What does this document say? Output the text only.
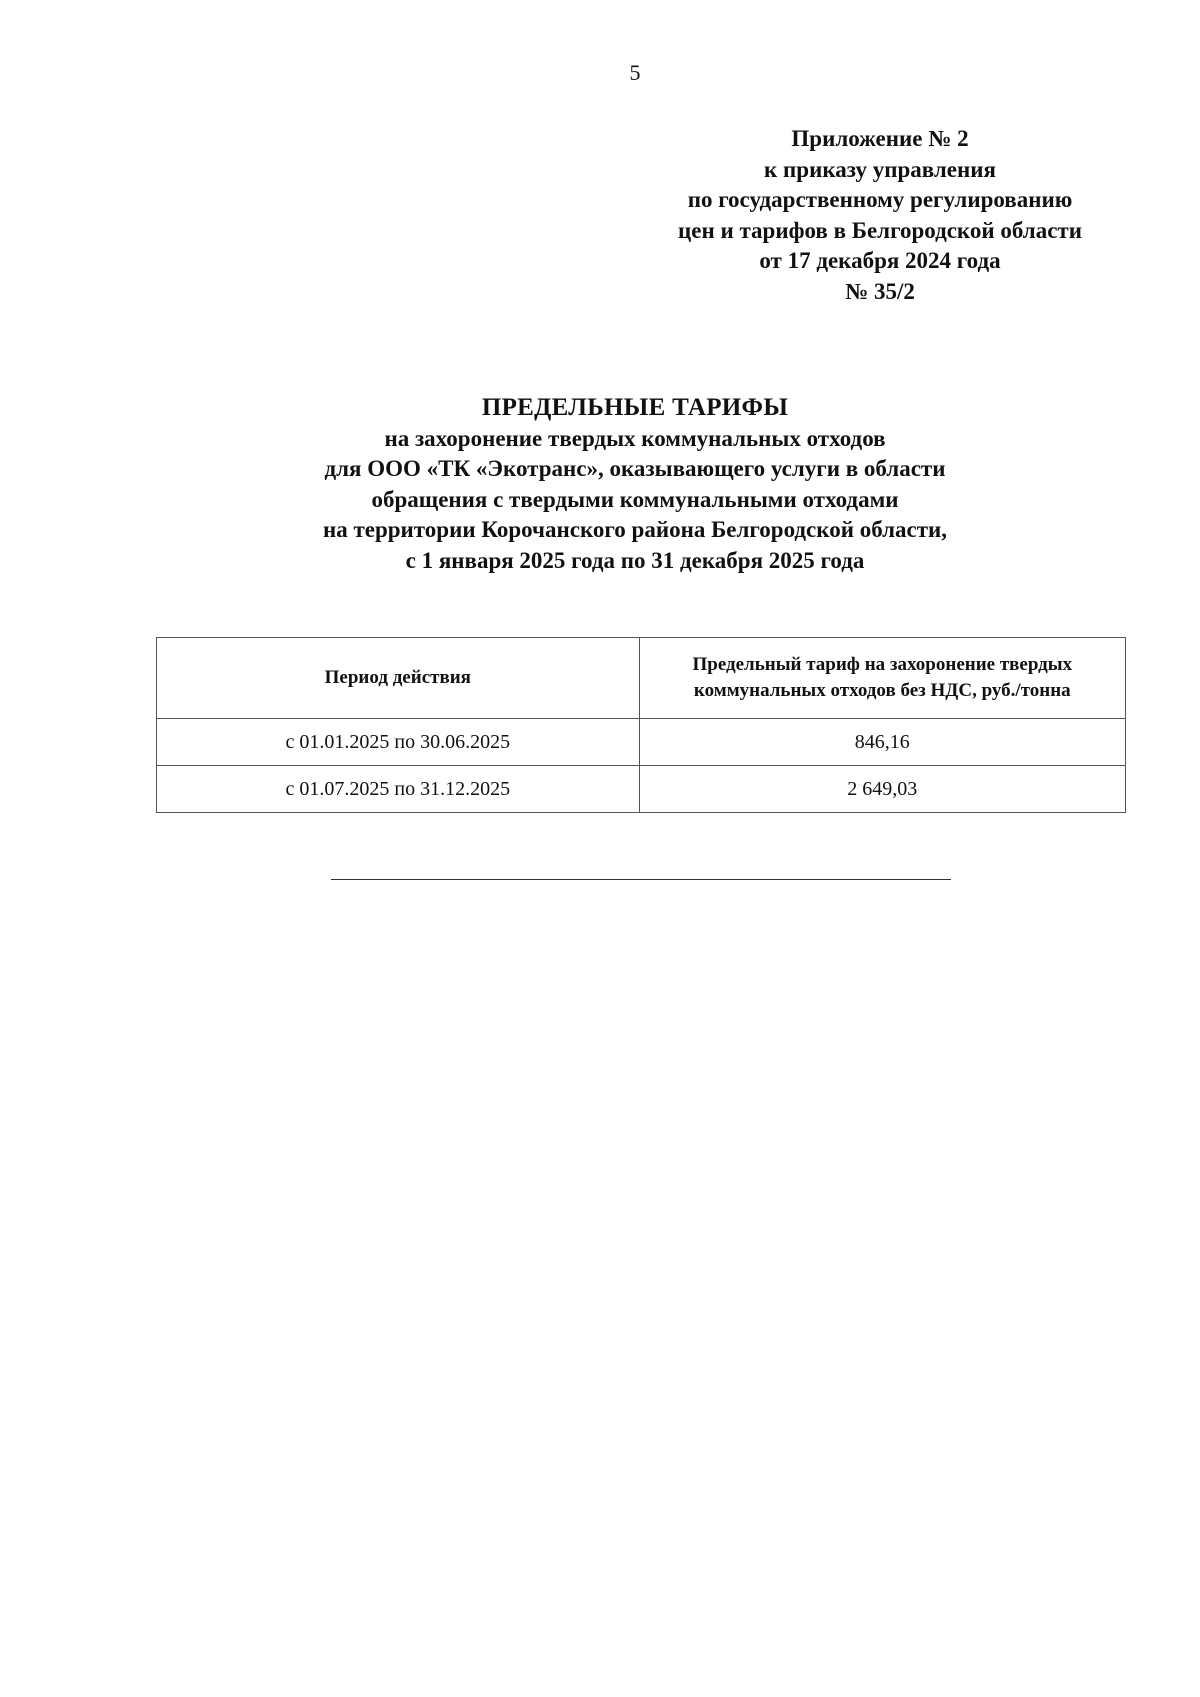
5
Приложение № 2
к приказу управления
по государственному регулированию
цен и тарифов в Белгородской области
от 17 декабря 2024 года
№ 35/2
ПРЕДЕЛЬНЫЕ ТАРИФЫ
на захоронение твердых коммунальных отходов
для ООО «ТК «Экотранс», оказывающего услуги в области
обращения с твердыми коммунальными отходами
на территории Корочанского района Белгородской области,
с 1 января 2025 года по 31 декабря 2025 года
Период действия	Предельный тариф на захоронение твердых
коммунальных отходов без НДС, руб./тонна
с 01.01.2025 по 30.06.2025	846,16
с 01.07.2025 по 31.12.2025	2 649,03
